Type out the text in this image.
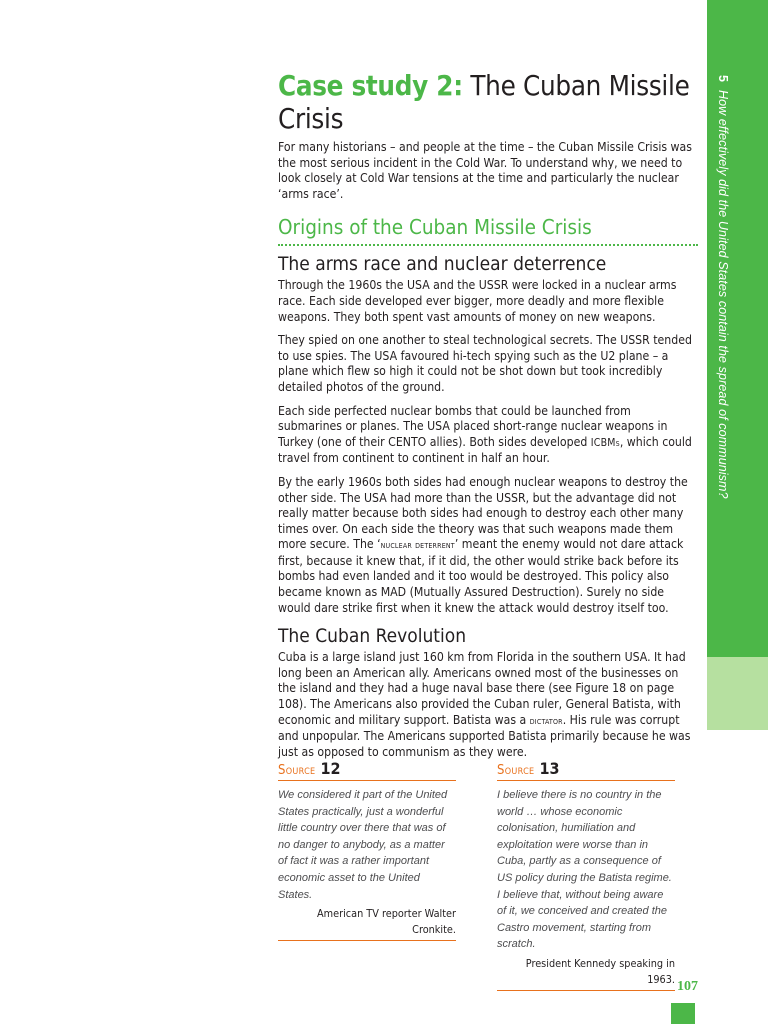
5
How effectively did the United States contain the spread of communism?
Case study 2: The Cuban Missile Crisis

For many historians – and people at the time – the Cuban Missile Crisis was the most serious incident in the Cold War. To understand why, we need to look closely at Cold War tensions at the time and particularly the nuclear ‘arms race’.

Origins of the Cuban Missile Crisis
The arms race and nuclear deterrence

Through the 1960s the USA and the USSR were locked in a nuclear arms race. Each side developed ever bigger, more deadly and more flexible weapons. They both spent vast amounts of money on new weapons.

They spied on one another to steal technological secrets. The USSR tended to use spies. The USA favoured hi-tech spying such as the U2 plane – a plane which flew so high it could not be shot down but took incredibly detailed photos of the ground.

Each side perfected nuclear bombs that could be launched from submarines or planes. The USA placed short-range nuclear weapons in Turkey (one of their CENTO allies). Both sides developed ICBMs, which could travel from continent to continent in half an hour.

By the early 1960s both sides had enough nuclear weapons to destroy the other side. The USA had more than the USSR, but the advantage did not really matter because both sides had enough to destroy each other many times over. On each side the theory was that such weapons made them more secure. The ‘nuclear deterrent’ meant the enemy would not dare attack first, because it knew that, if it did, the other would strike back before its bombs had even landed and it too would be destroyed. This policy also became known as MAD (Mutually Assured Destruction). Surely no side would dare strike first when it knew the attack would destroy itself too.

The Cuban Revolution

Cuba is a large island just 160 km from Florida in the southern USA. It had long been an American ally. Americans owned most of the businesses on the island and they had a huge naval base there (see Figure 18 on page 108). The Americans also provided the Cuban ruler, General Batista, with economic and military support. Batista was a dictator. His rule was corrupt and unpopular. The Americans supported Batista primarily because he was just as opposed to communism as they were.

Source 12

We considered it part of the United States practically, just a wonderful little country over there that was of no danger to anybody, as a matter of fact it was a rather important economic asset to the United States.

American TV reporter Walter Cronkite.
Source 13

I believe there is no country in the world … whose economic colonisation, humiliation and exploitation were worse than in Cuba, partly as a consequence of US policy during the Batista regime. I believe that, without being aware of it, we conceived and created the Castro movement, starting from scratch.

President Kennedy speaking in 1963. 107
